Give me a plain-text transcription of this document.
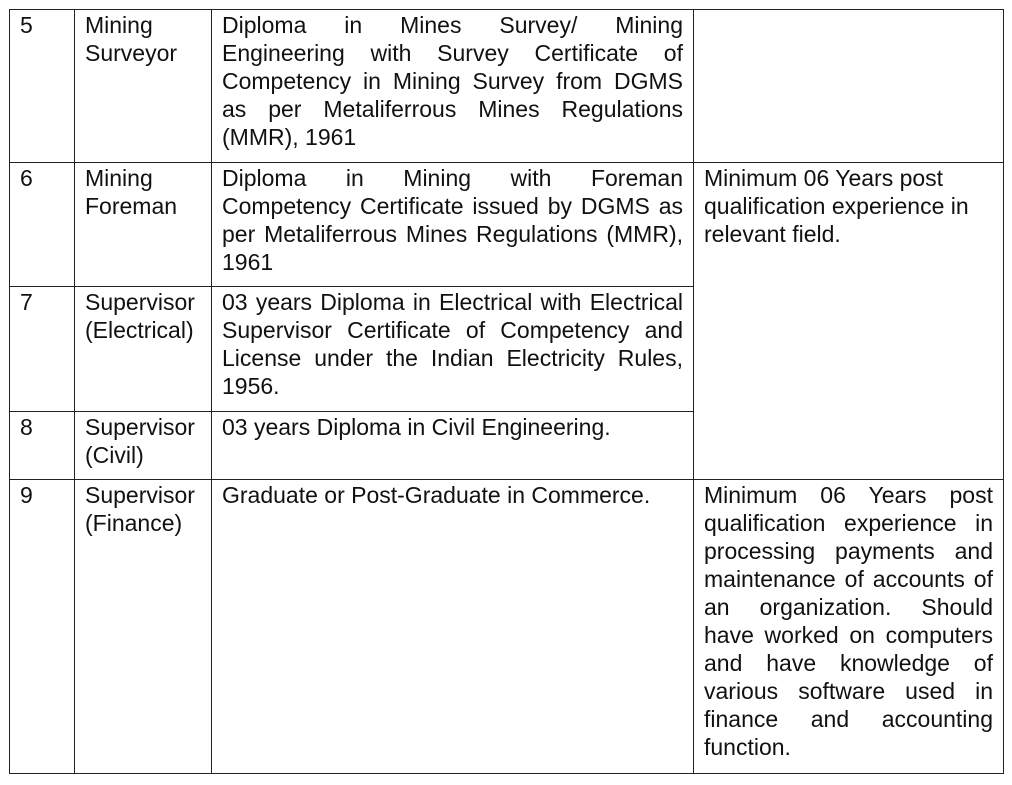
5	Mining Surveyor	Diploma in Mines Survey/ Mining Engineering with Survey Certificate of Competency in Mining Survey from DGMS as per Metaliferrous Mines Regulations (MMR), 1961	
6	Mining Foreman	Diploma in Mining with Foreman Competency Certificate issued by DGMS as per Metaliferrous Mines Regulations (MMR), 1961	Minimum 06 Years post qualification experience in relevant field.
7	Supervisor (Electrical)	03 years Diploma in Electrical with Electrical Supervisor Certificate of Competency and License under the Indian Electricity Rules, 1956.	
8	Supervisor (Civil)	03 years Diploma in Civil Engineering.	
9	Supervisor (Finance)	Graduate or Post-Graduate in Commerce.	Minimum 06 Years post qualification experience in processing payments and maintenance of accounts of an organization. Should have worked on computers and have knowledge of various software used in finance and accounting function.
